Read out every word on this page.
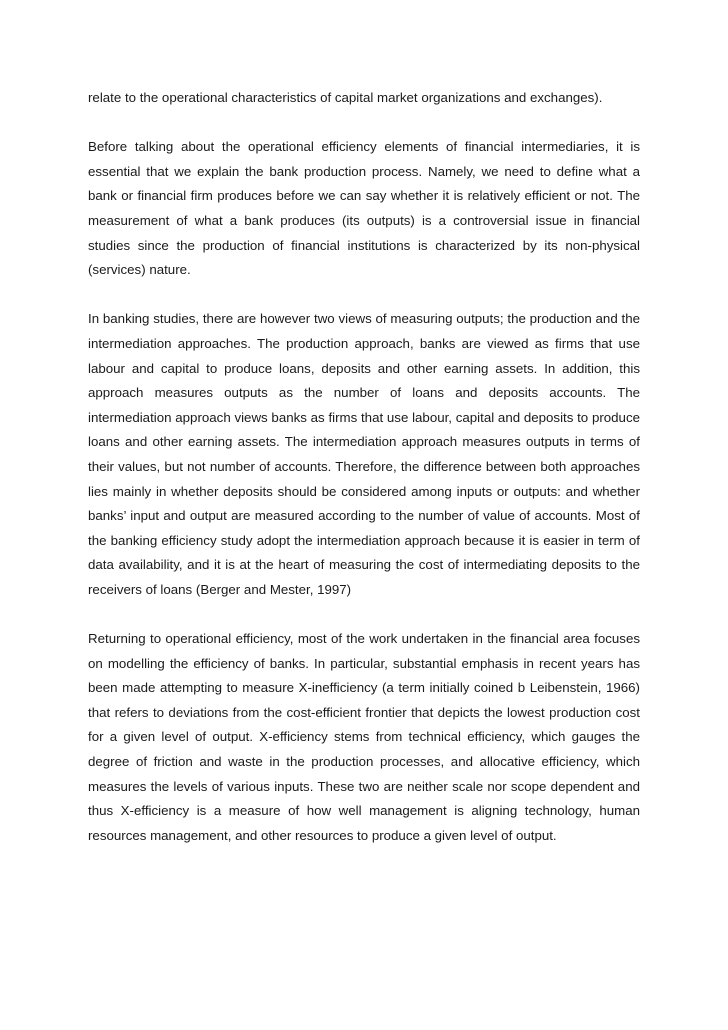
relate to the operational characteristics of capital market organizations and exchanges).

Before talking about the operational efficiency elements of financial intermediaries, it is essential that we explain the bank production process. Namely, we need to define what a bank or financial firm produces before we can say whether it is relatively efficient or not. The measurement of what a bank produces (its outputs) is a controversial issue in financial studies since the production of financial institutions is characterized by its non-physical (services) nature.

In banking studies, there are however two views of measuring outputs; the production and the intermediation approaches. The production approach, banks are viewed as firms that use labour and capital to produce loans, deposits and other earning assets. In addition, this approach measures outputs as the number of loans and deposits accounts. The intermediation approach views banks as firms that use labour, capital and deposits to produce loans and other earning assets. The intermediation approach measures outputs in terms of their values, but not number of accounts. Therefore, the difference between both approaches lies mainly in whether deposits should be considered among inputs or outputs: and whether banks’ input and output are measured according to the number of value of accounts. Most of the banking efficiency study adopt the intermediation approach because it is easier in term of data availability, and it is at the heart of measuring the cost of intermediating deposits to the receivers of loans (Berger and Mester, 1997)

Returning to operational efficiency, most of the work undertaken in the financial area focuses on modelling the efficiency of banks. In particular, substantial emphasis in recent years has been made attempting to measure X-inefficiency (a term initially coined b Leibenstein, 1966) that refers to deviations from the cost-efficient frontier that depicts the lowest production cost for a given level of output. X-efficiency stems from technical efficiency, which gauges the degree of friction and waste in the production processes, and allocative efficiency, which measures the levels of various inputs. These two are neither scale nor scope dependent and thus X-efficiency is a measure of how well management is aligning technology, human resources management, and other resources to produce a given level of output.
